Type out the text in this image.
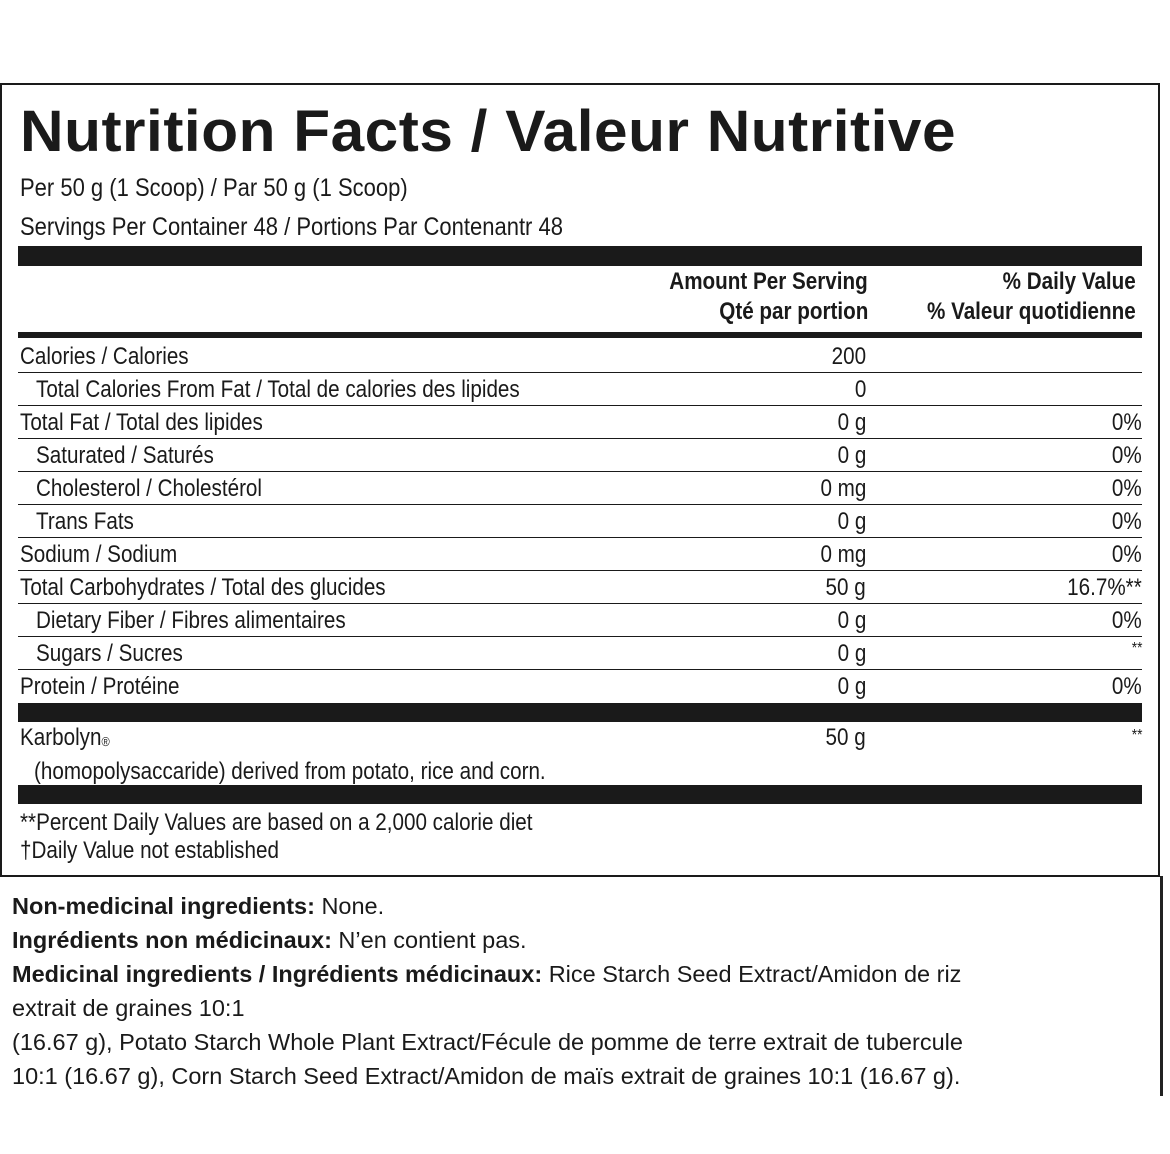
Nutrition Facts / Valeur Nutritive
Per 50 g (1 Scoop) / Par 50 g (1 Scoop)
Servings Per Container 48 / Portions Par Contenantr 48
Amount Per Serving
Qté par portion
% Daily Value
% Valeur quotidienne
Calories / Calories	200
Total Calories From Fat / Total de calories des lipides	0
Total Fat / Total des lipides	0 g	0%
Saturated / Saturés	0 g	0%
Cholesterol / Cholestérol	0 mg	0%
Trans Fats	0 g	0%
Sodium / Sodium	0 mg	0%
Total Carbohydrates / Total des glucides	50 g	16.7%**
Dietary Fiber / Fibres alimentaires	0 g	0%
Sugars / Sucres	0 g	**
Protein / Protéine	0 g	0%
Karbolyn®	50 g	**
(homopolysaccaride) derived from potato, rice and corn.
**Percent Daily Values are based on a 2,000 calorie diet
†Daily Value not established

Non-medicinal ingredients: None.

Ingrédients non médicinaux: N’en contient pas.

Medicinal ingredients / Ingrédients médicinaux: Rice Starch Seed Extract/Amidon de riz

extrait de graines 10:1

(16.67 g), Potato Starch Whole Plant Extract/Fécule de pomme de terre extrait de tubercule

10:1 (16.67 g), Corn Starch Seed Extract/Amidon de maïs extrait de graines 10:1 (16.67 g).
